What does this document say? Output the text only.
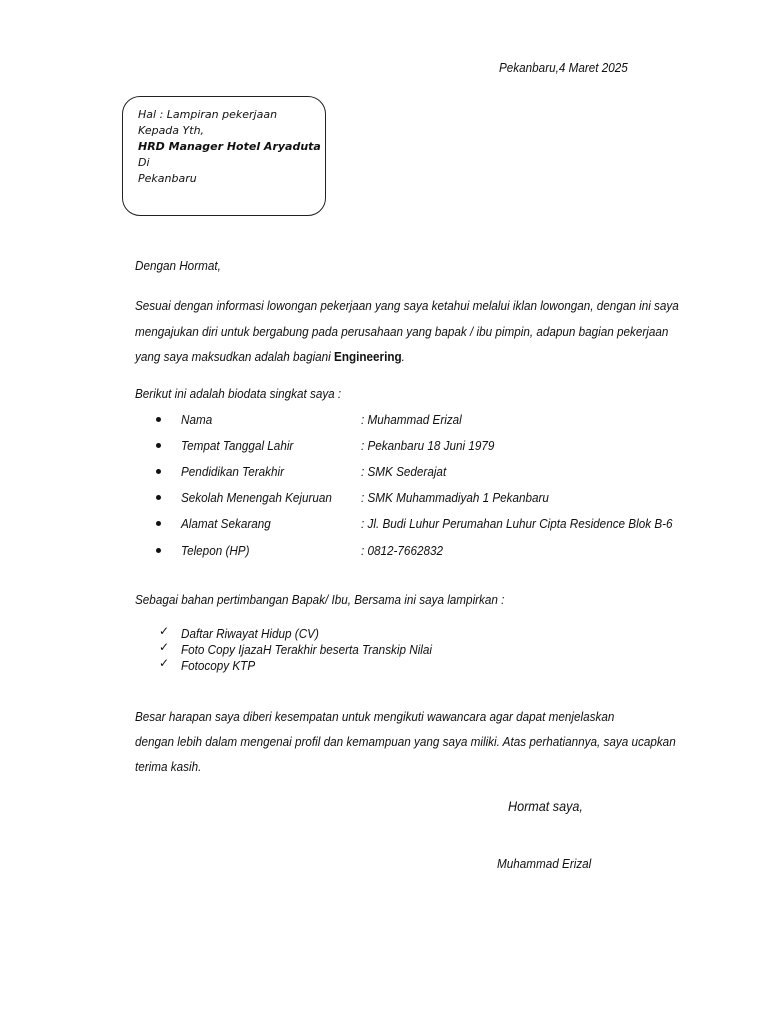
Pekanbaru,4 Maret 2025
Hal : Lampiran pekerjaan
Kepada Yth,
HRD Manager Hotel Aryaduta
Di
Pekanbaru
Dengan Hormat,
Sesuai dengan informasi lowongan pekerjaan yang saya ketahui melalui iklan lowongan, dengan ini saya
mengajukan diri untuk bergabung pada perusahaan yang bapak / ibu pimpin, adapun bagian pekerjaan
yang saya maksudkan adalah bagiani Engineering.
Berikut ini adalah biodata singkat saya :
Nama	: Muhammad Erizal
Tempat Tanggal Lahir	: Pekanbaru 18 Juni 1979
Pendidikan Terakhir	: SMK Sederajat
Sekolah Menengah Kejuruan : SMK Muhammadiyah 1 Pekanbaru
Alamat Sekarang	: Jl. Budi Luhur Perumahan Luhur Cipta Residence Blok B-6
Telepon (HP)	: 0812-7662832
Sebagai bahan pertimbangan Bapak/ Ibu, Bersama ini saya lampirkan :
✓ Daftar Riwayat Hidup (CV)
✓ Foto Copy IjazaH Terakhir beserta Transkip Nilai
✓ Fotocopy KTP
Besar harapan saya diberi kesempatan untuk mengikuti wawancara agar dapat menjelaskan
dengan lebih dalam mengenai profil dan kemampuan yang saya miliki. Atas perhatiannya, saya ucapkan
terima kasih.
Hormat saya,
Muhammad Erizal
